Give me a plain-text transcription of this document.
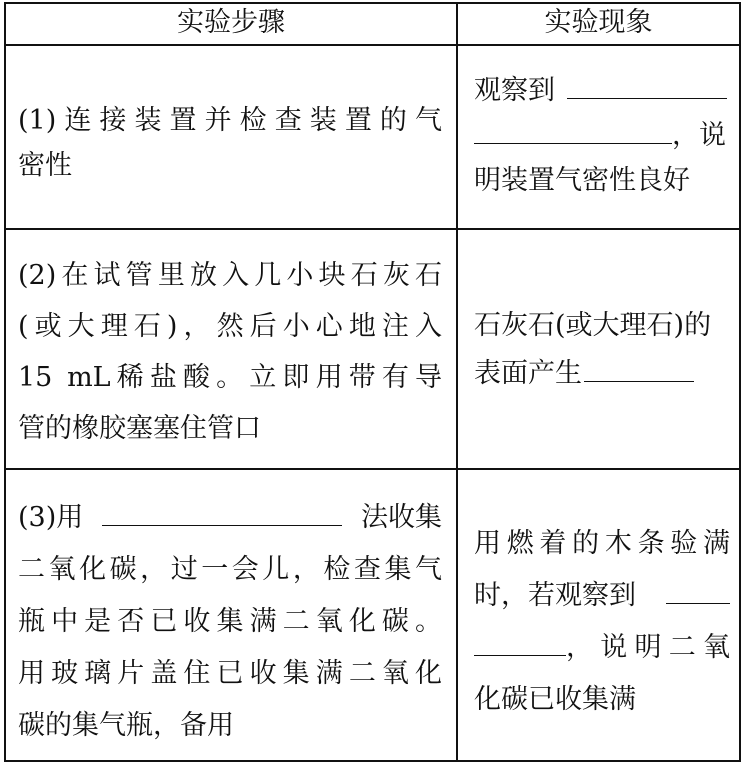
实验步骤	实验现象
(1)连接装置并检查装置的气
密性
观察到
，说
明装置气密性良好
(2)在试管里放入几小块石灰石
(或大理石)，然后小心地注入
15 mL稀盐酸。立即用带有导
管的橡胶塞塞住管口
石灰石(或大理石)的
表面产生
(3)用	法收集
二氧化碳，过一会儿，检查集气
瓶中是否已收集满二氧化碳。
用玻璃片盖住已收集满二氧化
碳的集气瓶，备用
用燃着的木条验满
时，若观察到
，说明二氧
化碳已收集满
